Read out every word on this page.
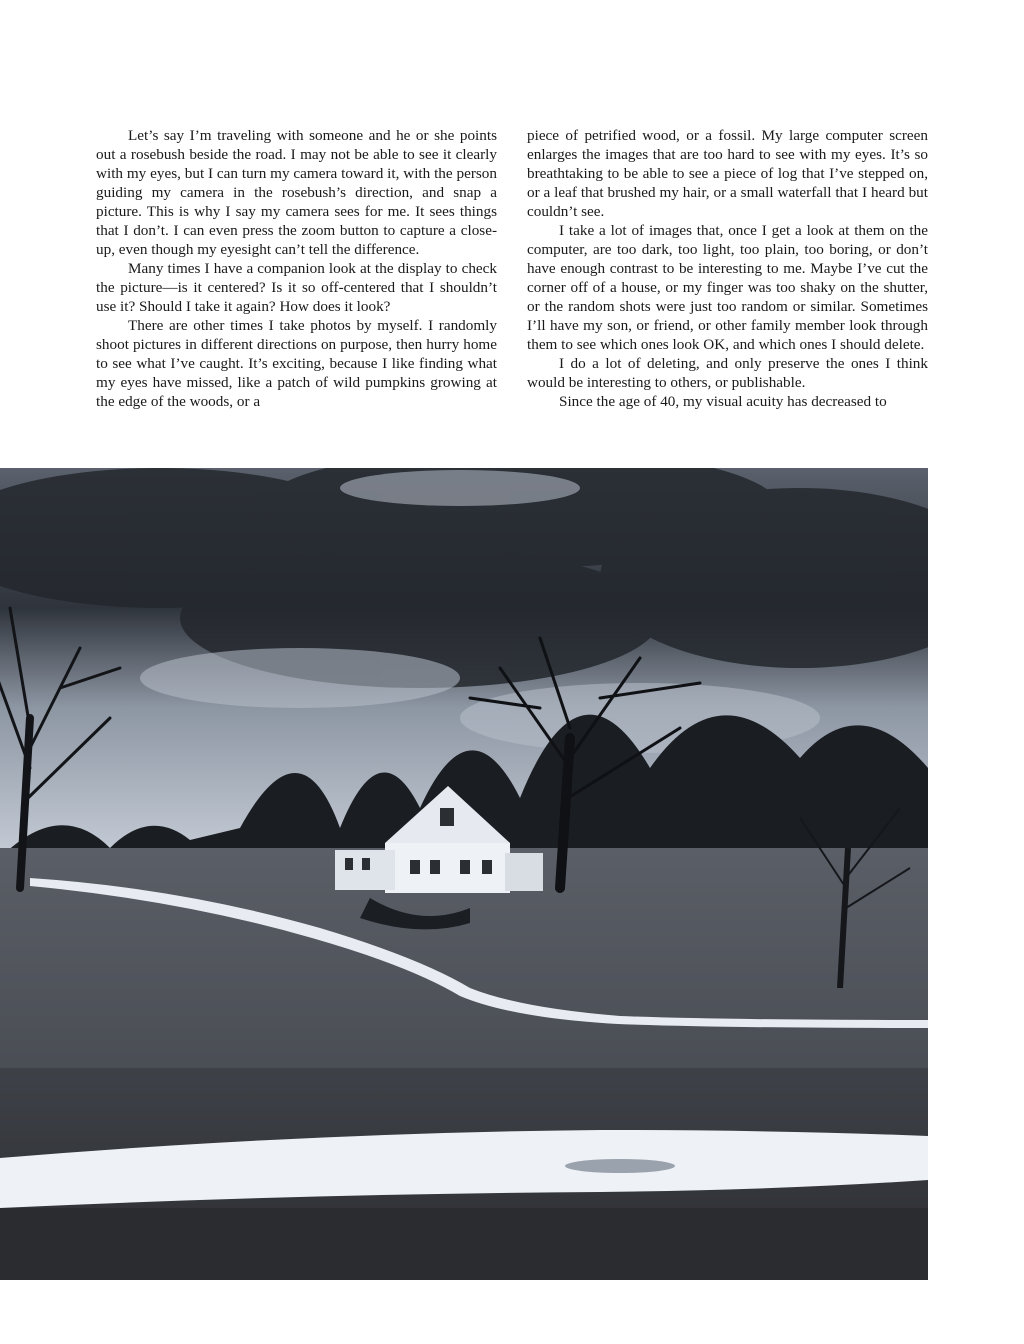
Let’s say I’m traveling with someone and he or she points out a rosebush beside the road. I may not be able to see it clearly with my eyes, but I can turn my camera toward it, with the person guiding my camera in the rosebush’s direction, and snap a picture. This is why I say my camera sees for me. It sees things that I don’t. I can even press the zoom button to capture a close-up, even though my eyesight can’t tell the difference.

Many times I have a companion look at the display to check the picture—is it centered? Is it so off-centered that I shouldn’t use it? Should I take it again? How does it look?

There are other times I take photos by myself. I randomly shoot pictures in different directions on purpose, then hurry home to see what I’ve caught. It’s exciting, because I like finding what my eyes have missed, like a patch of wild pumpkins growing at the edge of the woods, or a

piece of petrified wood, or a fossil. My large computer screen enlarges the images that are too hard to see with my eyes. It’s so breathtaking to be able to see a piece of log that I’ve stepped on, or a leaf that brushed my hair, or a small waterfall that I heard but couldn’t see.

I take a lot of images that, once I get a look at them on the computer, are too dark, too light, too plain, too boring, or don’t have enough contrast to be interesting to me. Maybe I’ve cut the corner off of a house, or my finger was too shaky on the shutter, or the random shots were just too random or similar. Sometimes I’ll have my son, or friend, or other family member look through them to see which ones look OK, and which ones I should delete.

I do a lot of deleting, and only preserve the ones I think would be interesting to others, or publishable.

Since the age of 40, my visual acuity has decreased to
